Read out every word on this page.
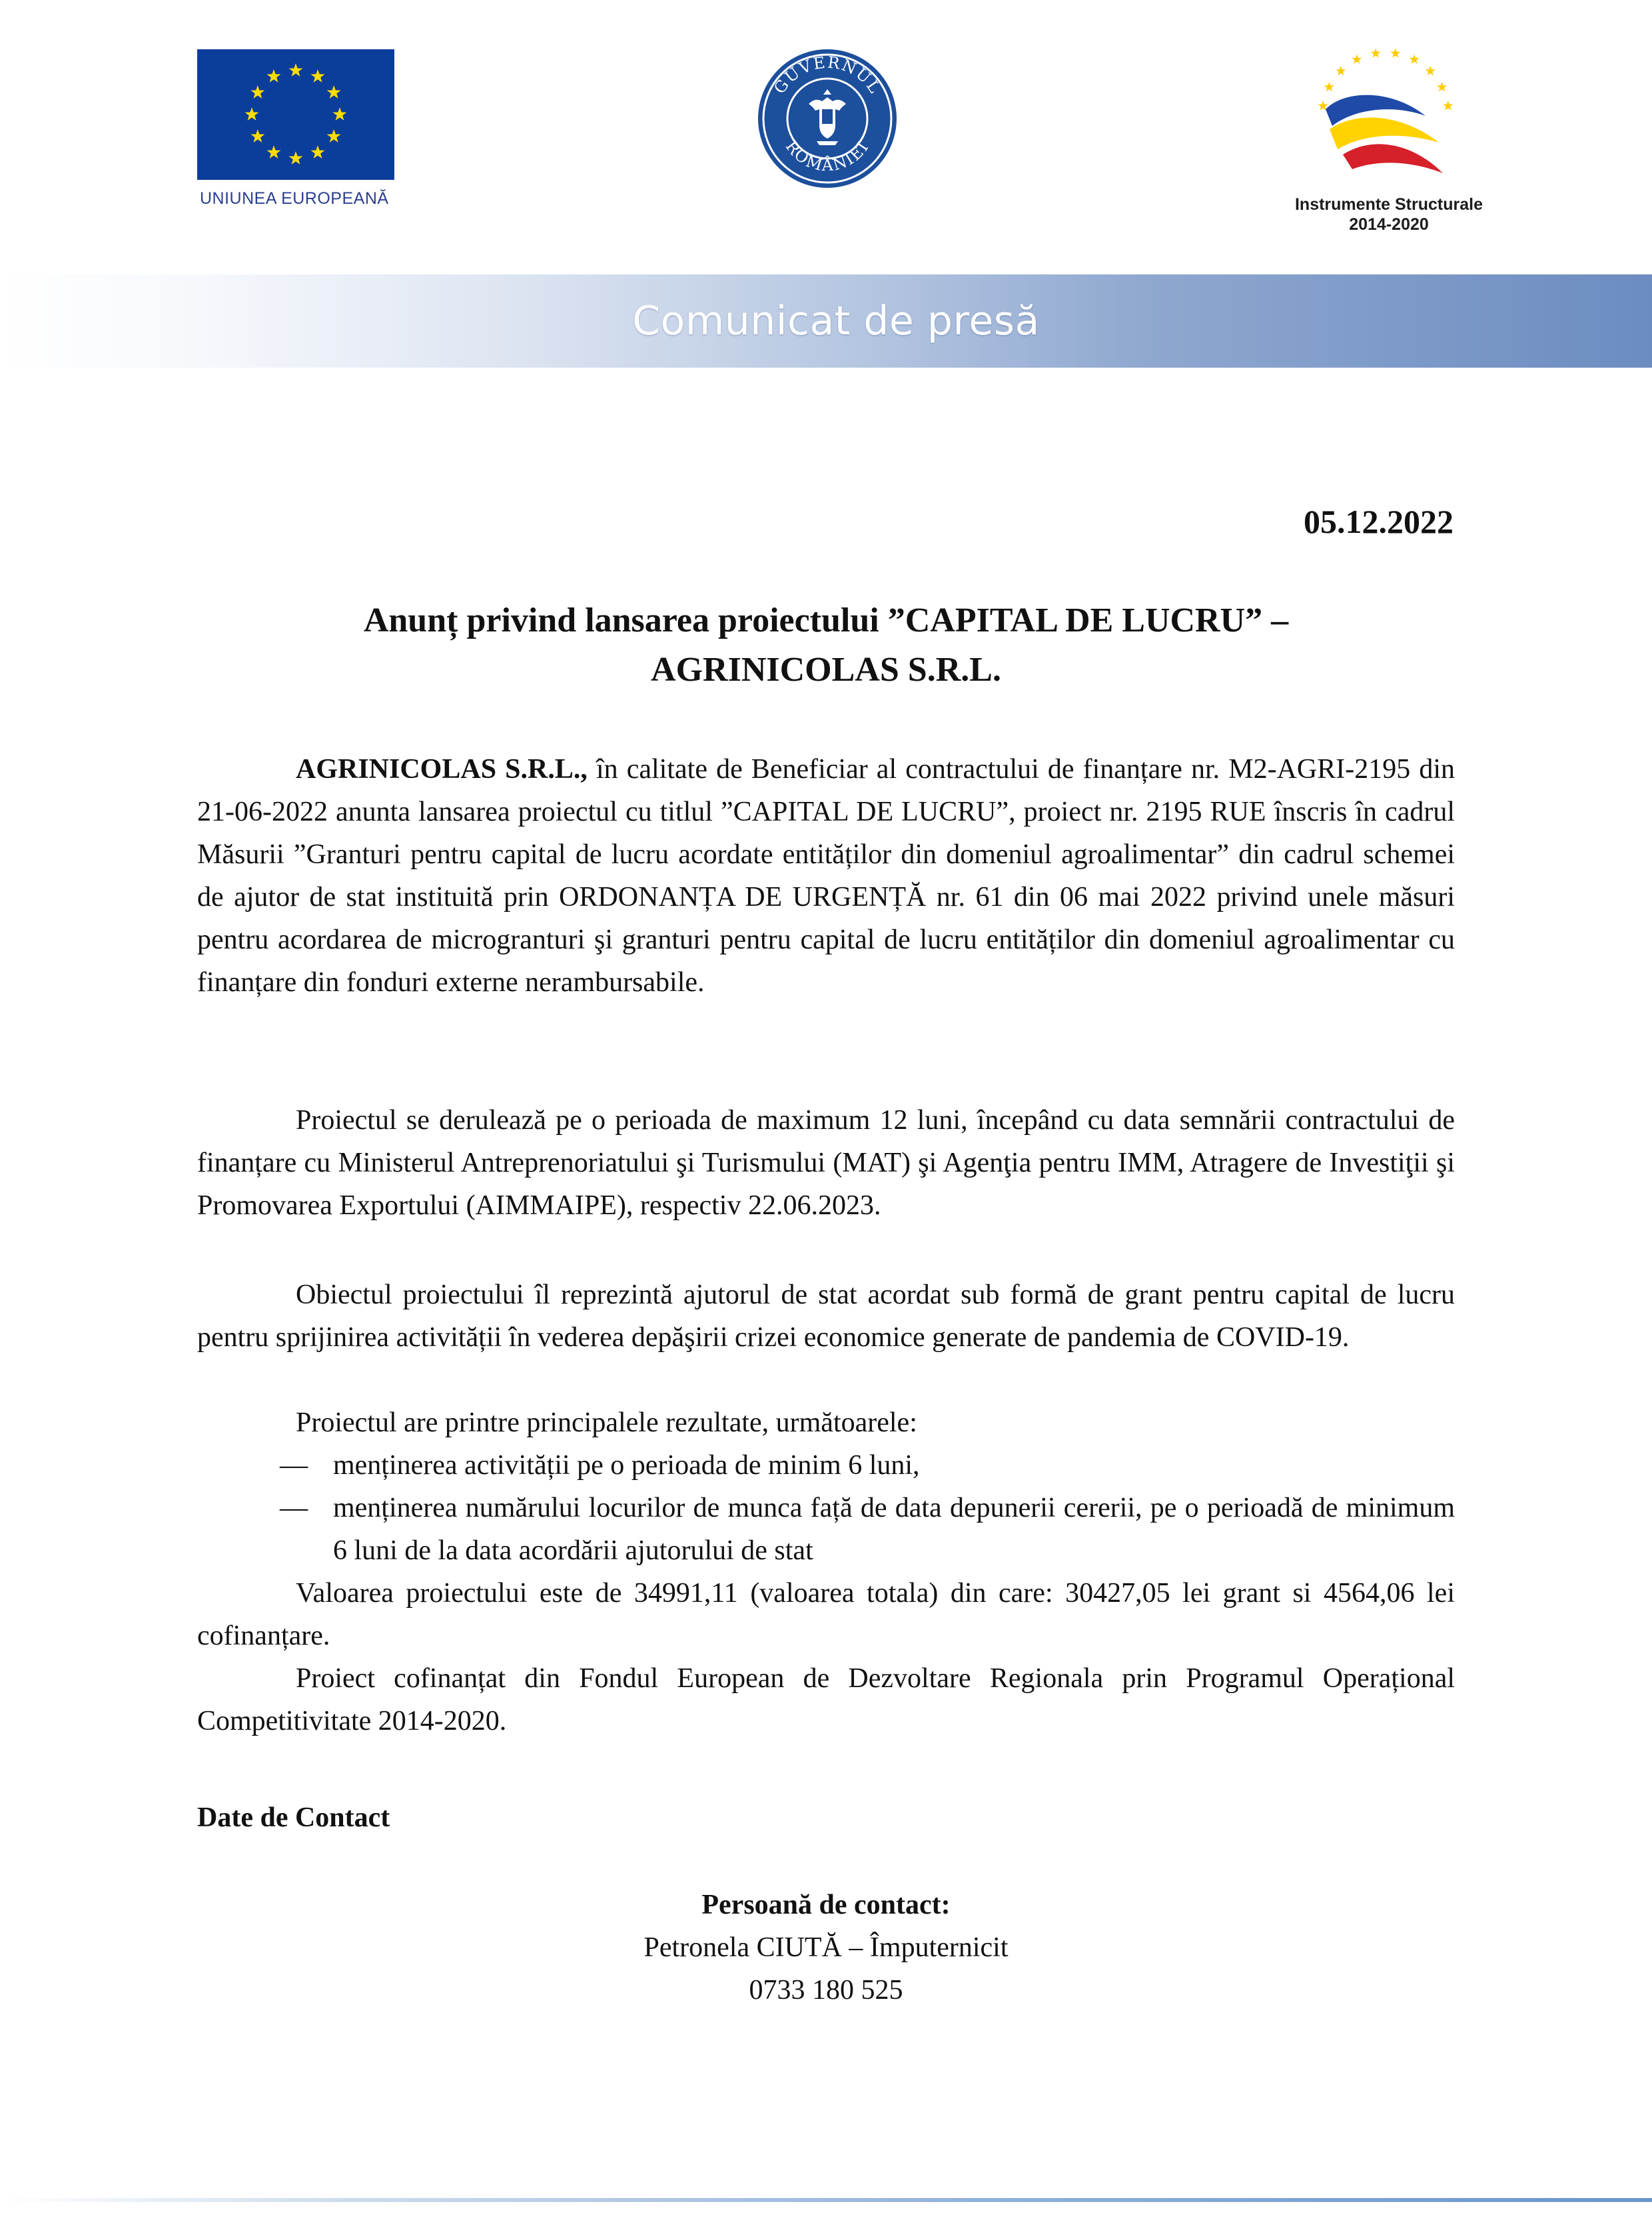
UNIUNEA EUROPEANĂ
GUVERNUL
ROMÂNIEI
Instrumente Structurale
2014-2020
Comunicat de presă
05.12.2022
Anunț privind lansarea proiectului ”CAPITAL DE LUCRU” –
AGRINICOLAS S.R.L.
AGRINICOLAS S.R.L., în calitate de Beneficiar al contractului de finanțare nr. M2-AGRI-2195 din 21-06-2022 anunta lansarea proiectul cu titlul ”CAPITAL DE LUCRU”, proiect nr. 2195 RUE înscris în cadrul Măsurii ”Granturi pentru capital de lucru acordate entităților din domeniul agroalimentar” din cadrul schemei de ajutor de stat instituită prin ORDONANȚA DE URGENȚĂ nr. 61 din 06 mai 2022 privind unele măsuri pentru acordarea de microgranturi şi granturi pentru capital de lucru entităților din domeniul agroalimentar cu finanțare din fonduri externe nerambursabile.
Proiectul se derulează pe o perioada de maximum 12 luni, începând cu data semnării contractului de finanțare cu Ministerul Antreprenoriatului şi Turismului (MAT) şi Agenţia pentru IMM, Atragere de Investiţii şi Promovarea Exportului (AIMMAIPE), respectiv 22.06.2023.
Obiectul proiectului îl reprezintă ajutorul de stat acordat sub formă de grant pentru capital de lucru pentru sprijinirea activității în vederea depăşirii crizei economice generate de pandemia de COVID-19.
Proiectul are printre principalele rezultate, următoarele:
— menținerea activității pe o perioada de minim 6 luni,
— menținerea numărului locurilor de munca față de data depunerii cererii, pe o perioadă de minimum 6 luni de la data acordării ajutorului de stat
Valoarea proiectului este de 34991,11 (valoarea totala) din care: 30427,05 lei grant si 4564,06 lei cofinanțare.
Proiect cofinanțat din Fondul European de Dezvoltare Regionala prin Programul Operațional Competitivitate 2014-2020.
Date de Contact
Persoană de contact:
Petronela CIUTĂ – Împuternicit
0733 180 525
